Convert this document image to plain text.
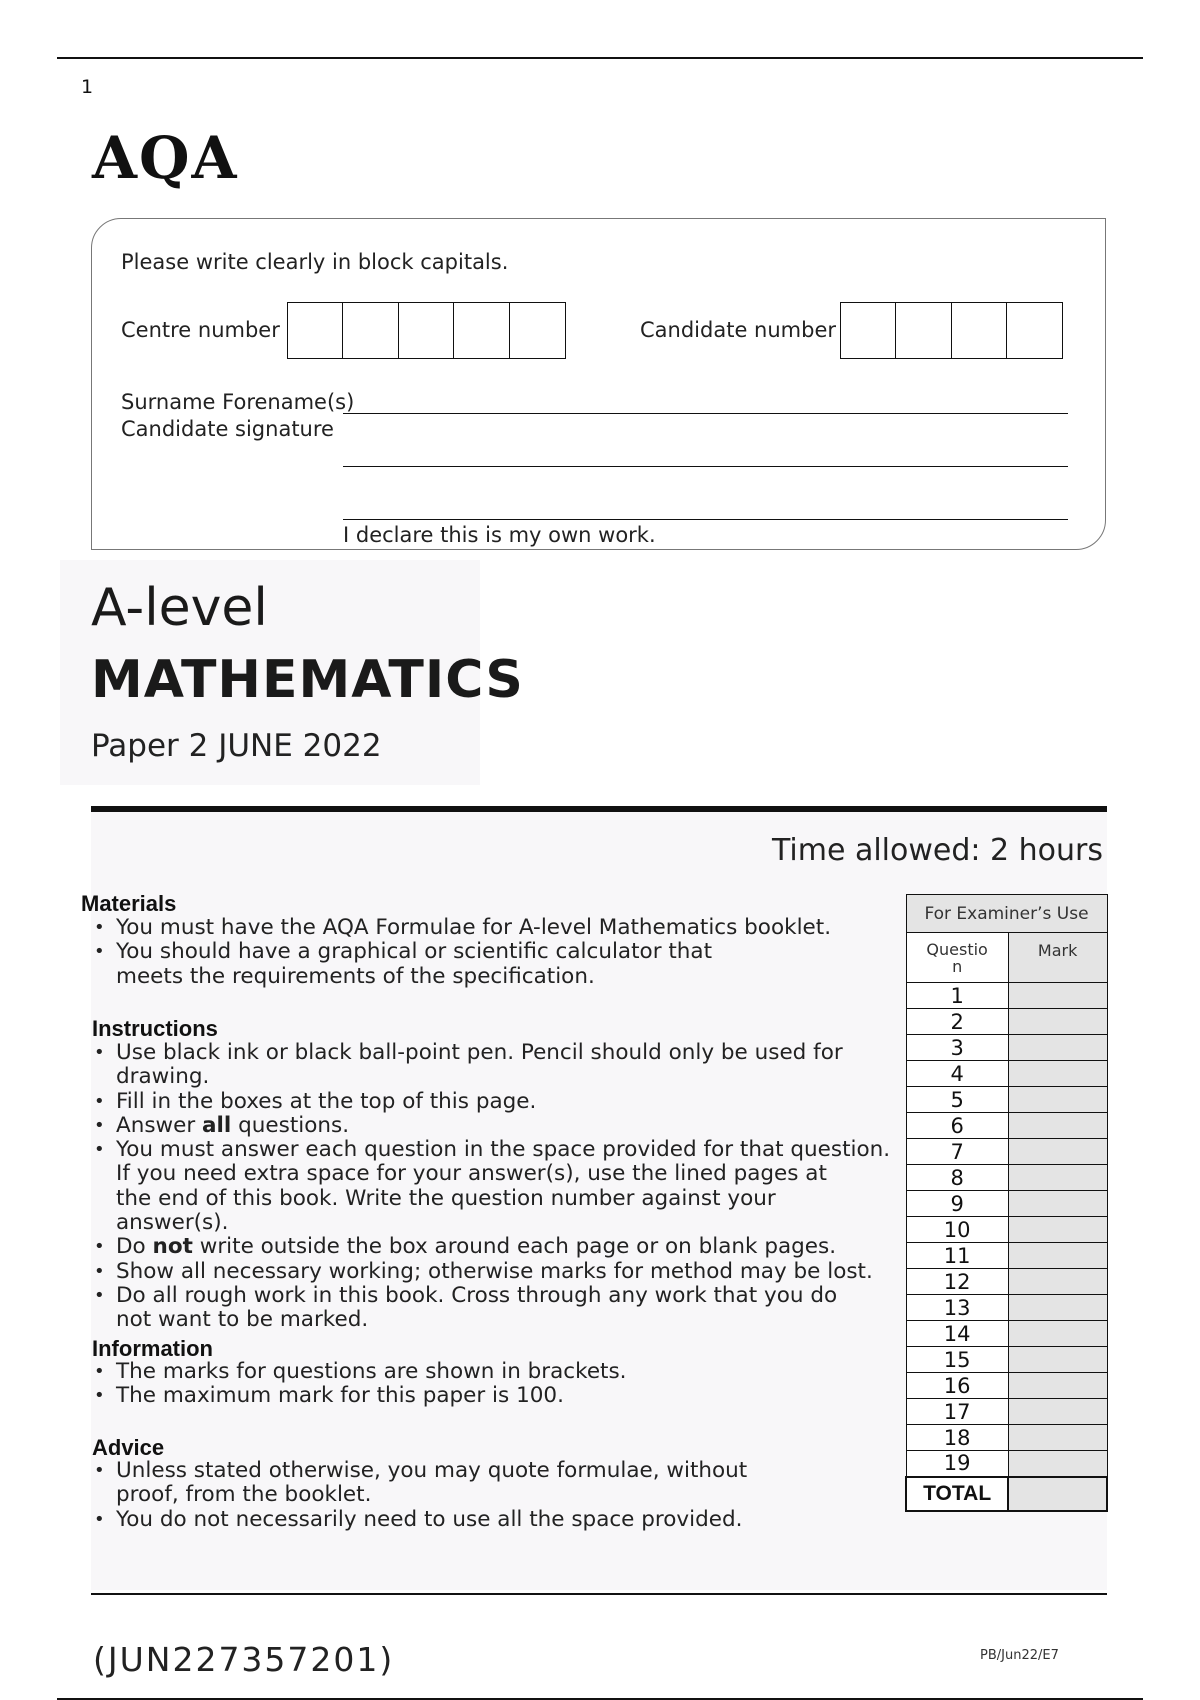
1
AQA
Please write clearly in block capitals.
Centre number	Candidate number
Surname Forename(s)
Candidate signature
I declare this is my own work.
A-level
MATHEMATICS
Paper 2 JUNE 2022
Time allowed: 2 hours
Materials
• You must have the AQA Formulae for A-level Mathematics booklet.
• You should have a graphical or scientific calculator that
meets the requirements of the specification.
Instructions
• Use black ink or black ball-point pen. Pencil should only be used for drawing.
• Fill in the boxes at the top of this page.
• Answer all questions.
• You must answer each question in the space provided for that question.
If you need extra space for your answer(s), use the lined pages at
the end of this book. Write the question number against your
answer(s).
• Do not write outside the box around each page or on blank pages.
• Show all necessary working; otherwise marks for method may be lost.
• Do all rough work in this book. Cross through any work that you do
not want to be marked.
Information
• The marks for questions are shown in brackets.
• The maximum mark for this paper is 100.
Advice
• Unless stated otherwise, you may quote formulae, without
proof, from the booklet.
• You do not necessarily need to use all the space provided.
For Examiner’s Use	
Questio
n	Mark
1	
2	
3	
4	
5	
6	
7	
8	
9	
10	
11	
12	
13	
14	
15	
16	
17	
18	
19	
TOTAL	
(JUN227357201)	PB/Jun22/E7
